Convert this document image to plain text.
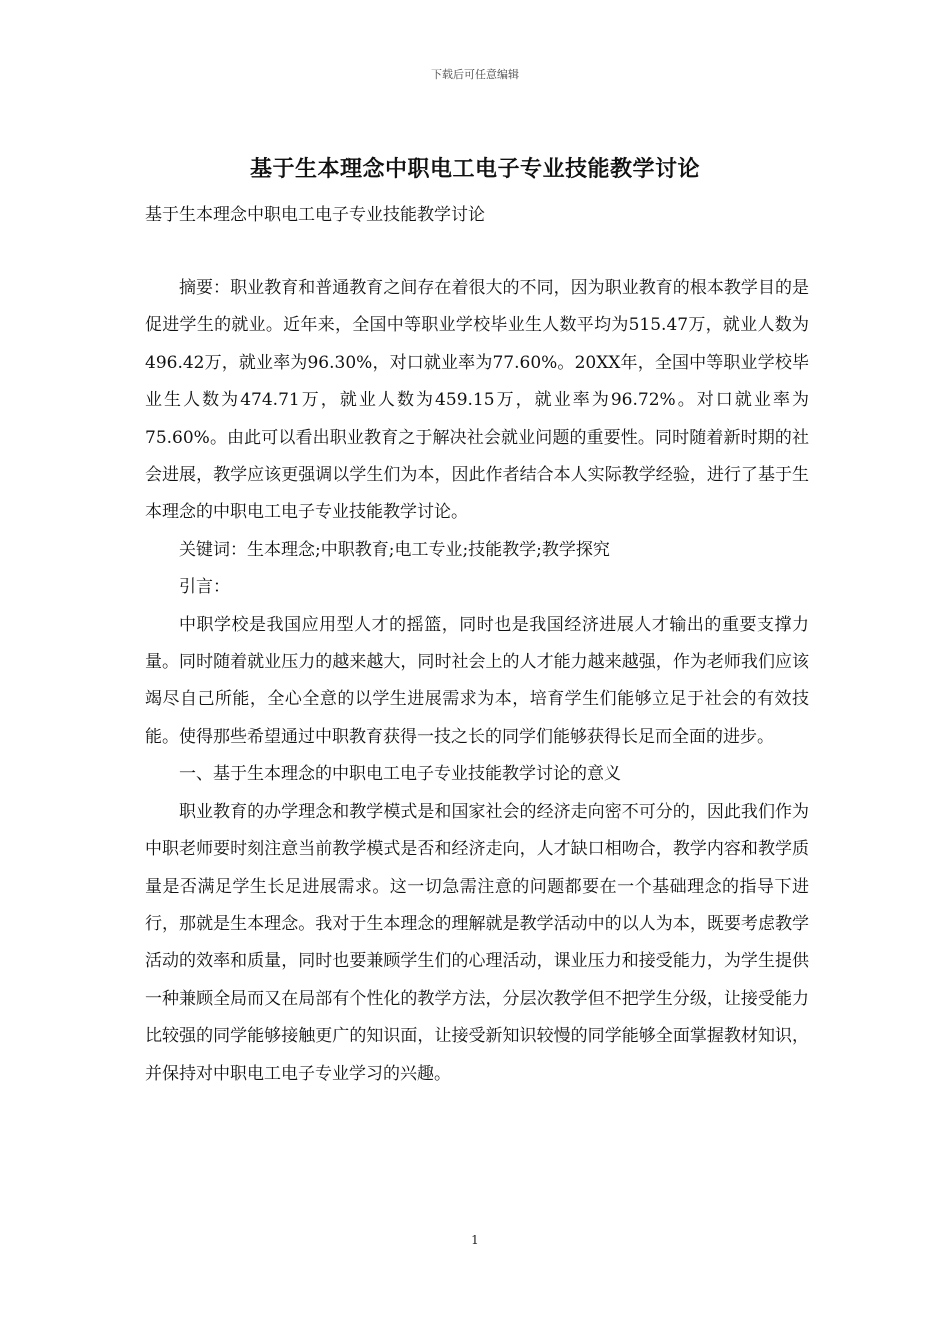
下载后可任意编辑
基于生本理念中职电工电子专业技能教学讨论
基于生本理念中职电工电子专业技能教学讨论

摘要：职业教育和普通教育之间存在着很大的不同，因为职业教育的根本教学目的是促进学生的就业。近年来，全国中等职业学校毕业生人数平均为515.47万，就业人数为496.42万，就业率为96.30%，对口就业率为77.60%。20XX年，全国中等职业学校毕业生人数为474.71万，就业人数为459.15万，就业率为96.72%。对口就业率为75.60%。由此可以看出职业教育之于解决社会就业问题的重要性。同时随着新时期的社会进展，教学应该更强调以学生们为本，因此作者结合本人实际教学经验，进行了基于生本理念的中职电工电子专业技能教学讨论。

关键词：生本理念;中职教育;电工专业;技能教学;教学探究

引言：

中职学校是我国应用型人才的摇篮，同时也是我国经济进展人才输出的重要支撑力量。同时随着就业压力的越来越大，同时社会上的人才能力越来越强，作为老师我们应该竭尽自己所能，全心全意的以学生进展需求为本，培育学生们能够立足于社会的有效技能。使得那些希望通过中职教育获得一技之长的同学们能够获得长足而全面的进步。

一、基于生本理念的中职电工电子专业技能教学讨论的意义

职业教育的办学理念和教学模式是和国家社会的经济走向密不可分的，因此我们作为中职老师要时刻注意当前教学模式是否和经济走向，人才缺口相吻合，教学内容和教学质量是否满足学生长足进展需求。这一切急需注意的问题都要在一个基础理念的指导下进行，那就是生本理念。我对于生本理念的理解就是教学活动中的以人为本，既要考虑教学活动的效率和质量，同时也要兼顾学生们的心理活动，课业压力和接受能力，为学生提供一种兼顾全局而又在局部有个性化的教学方法，分层次教学但不把学生分级，让接受能力比较强的同学能够接触更广的知识面，让接受新知识较慢的同学能够全面掌握教材知识，并保持对中职电工电子专业学习的兴趣。

1
